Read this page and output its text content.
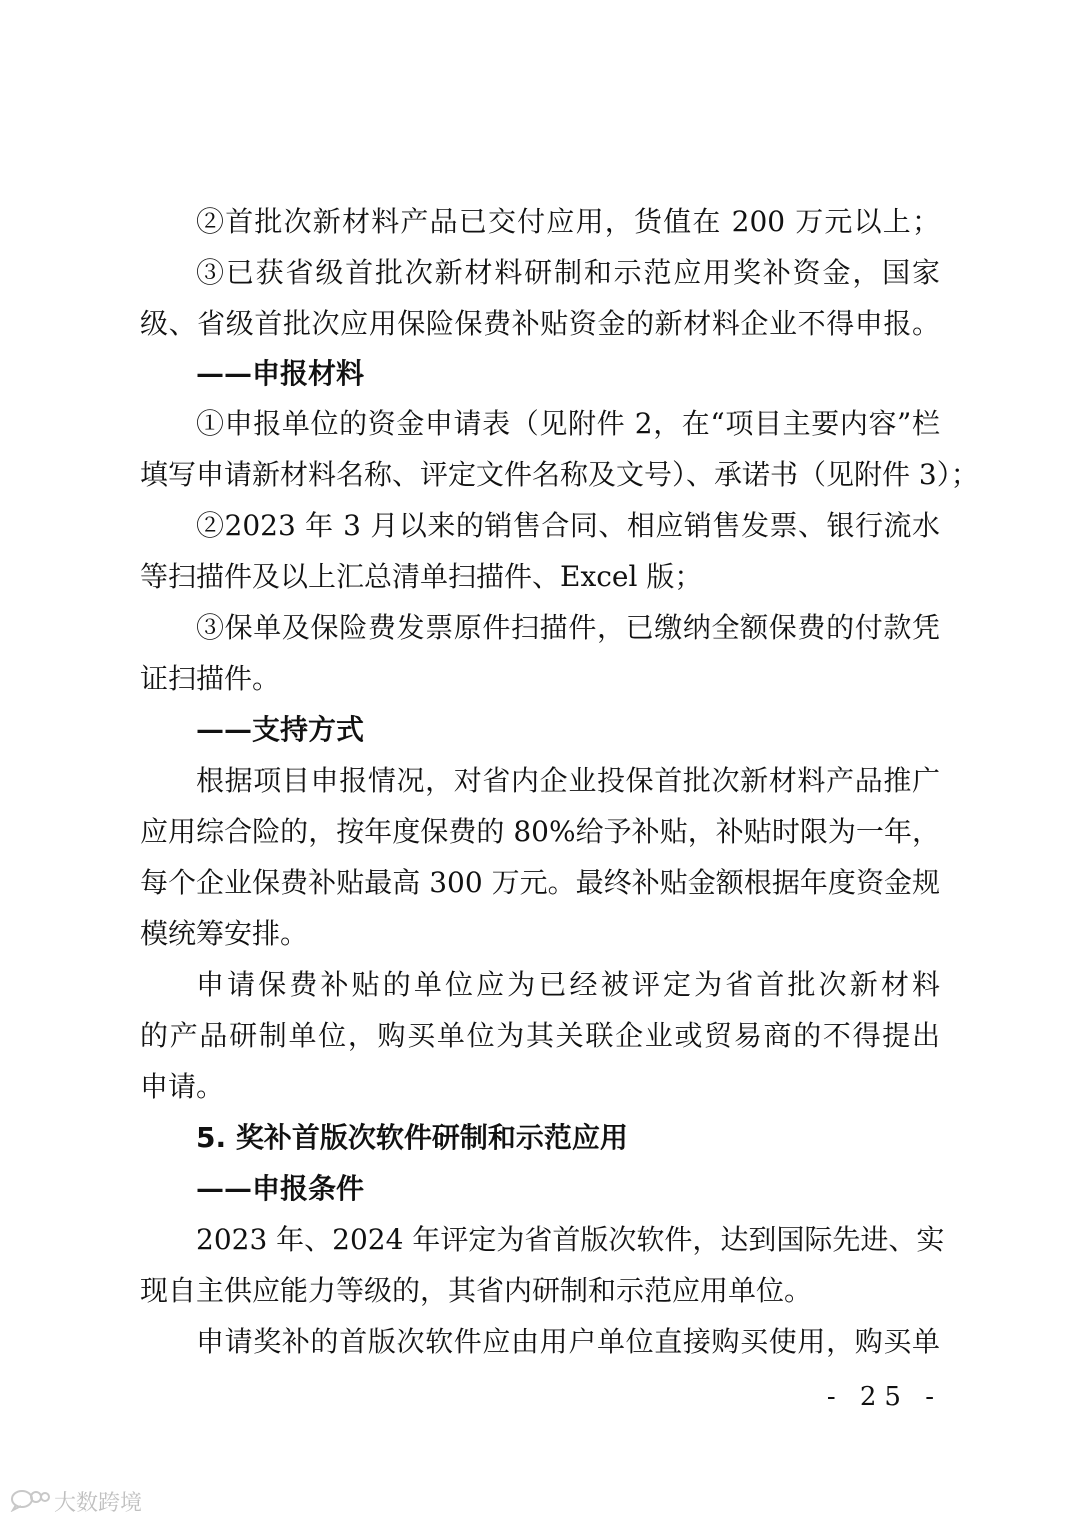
②首批次新材料产品已交付应用，货值在 200 万元以上；
③已获省级首批次新材料研制和示范应用奖补资金，国家
级、省级首批次应用保险保费补贴资金的新材料企业不得申报。
——申报材料
①申报单位的资金申请表（见附件 2，在“项目主要内容”栏
填写申请新材料名称、评定文件名称及文号）、承诺书（见附件 3）；
②2023 年 3 月以来的销售合同、相应销售发票、银行流水
等扫描件及以上汇总清单扫描件、Excel 版；
③保单及保险费发票原件扫描件，已缴纳全额保费的付款凭
证扫描件。
——支持方式
根据项目申报情况，对省内企业投保首批次新材料产品推广
应用综合险的，按年度保费的 80%给予补贴，补贴时限为一年，
每个企业保费补贴最高 300 万元。最终补贴金额根据年度资金规
模统筹安排。
申请保费补贴的单位应为已经被评定为省首批次新材料
的产品研制单位，购买单位为其关联企业或贸易商的不得提出
申请。
5. 奖补首版次软件研制和示范应用
——申报条件
2023 年、2024 年评定为省首版次软件，达到国际先进、实
现自主供应能力等级的，其省内研制和示范应用单位。
申请奖补的首版次软件应由用户单位直接购买使用，购买单
- 25 -
大数跨境
